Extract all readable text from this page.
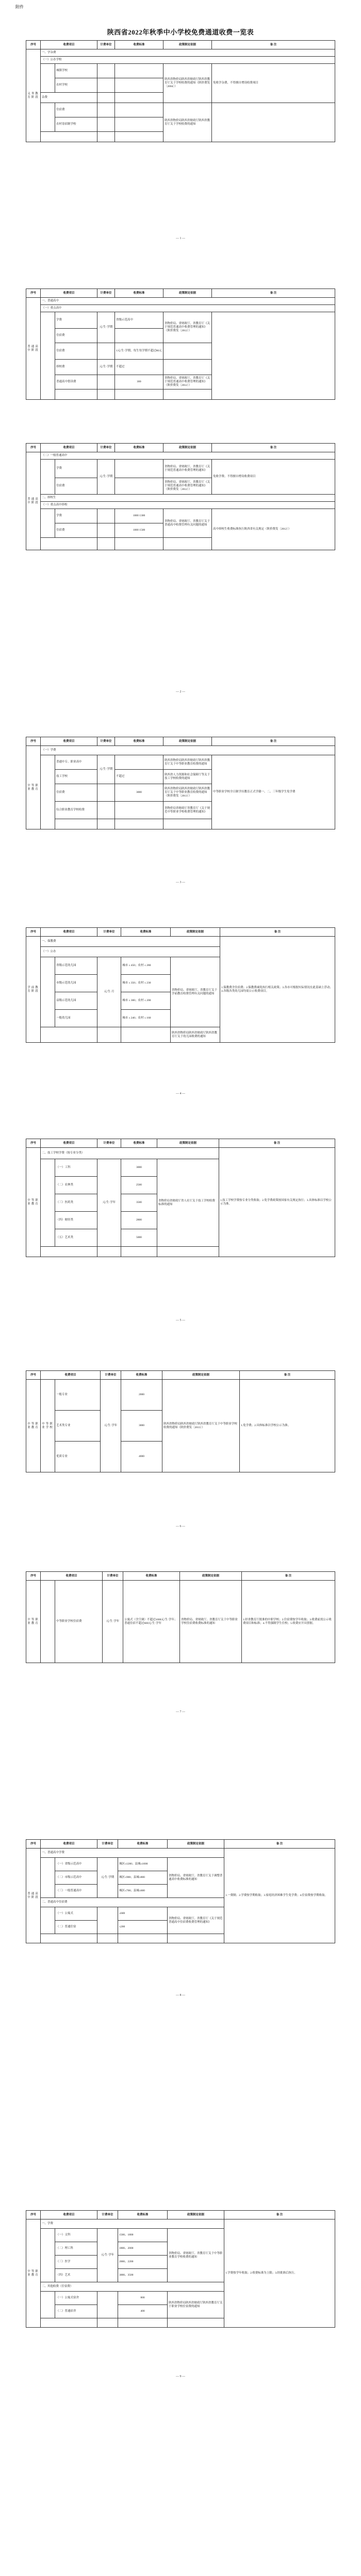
附件
陕西省2022年秋季中小学校免费通道收费一览表
序号	收费项目		计费单位	收费标准	政策制定依据	备 注
义务教育阶段	一、学杂费					
	（一）公办学校					
		城镇学校			陕西省物价局陕西省财政厅陕西省教育厅关于学校收费的通知（陕价费发〔2004〕）	免收学杂费，不得擅自增设收费项目
		农村学校				
	杂费					
		住宿费			陕西省物价局陕西省财政厅陕西省教育厅关于学校收费的通知	
		农村寄宿制学校				

— 1 —
序号	收费项目		计费单位	收费标准	政策制定依据	备 注
普通高中阶段	一、普通高中					
	（一）重点高中					
		学费	元/生·学期	省级示范高中	省物价局、省财政厅、省教育厅《关于规范普通高中收费管理的通知》（陕价费发〔2012〕）	
		住宿费				
		住宿费		1元/生·学期、每生每学期不超过80元		
		择校费	元/生·学期	不超过		
		普通高中借读费		300	省物价局、省财政厅、省教育厅《关于规范普通高中收费管理的通知》（陕价费发〔2012〕）	

序号	收费项目		计费单位	收费标准	政策制定依据	备 注
普通高中阶段	（二）一般普通高中					
		学费	元/生·学期		省物价局、省财政厅、省教育厅《关于规范普通高中收费管理的通知》	免收学费、不得擅自增设收费项目
		住宿费			省物价局、省财政厅、省教育厅《关于规范普通高中收费管理的通知》（陕价费发〔2012〕）	
	二、择校生					
	（一）重点高中择校					
		学费		1000 1300	省物价局、省财政厅、省教育厅关于普通高中收费管理有关问题的通知	高中择校生收费标准执行陕西省有关规定（陕价费发〔2012〕）
		住宿费		1000 1500		

— 2 —
序号	收费项目		计费单位	收费标准	政策制定依据	备 注
中等职业教育	（一）学费					
		普通中专、职业高中	元/生·学期		陕西省物价局陕西省财政厅陕西省教育厅关于中等职业教育收费的通知	中等职业学校全日制学历教育正式学籍一、二、三年级学生免学费
		技工学校		不超过	陕西省人力资源和社会保障厅等关于技工学校收费的通知	
		住宿费		3000	陕西省物价局陕西省财政厅陕西省教育厅关于中等职业教育收费的通知（陕价费发〔2013〕）	
		综合职业教育学校收费			省物价局省财政厅省教育厅《关于规范中等职业学校收费管理的通知》	

— 3 —
序号	收费项目		计费单位	收费标准	政策制定依据	备 注
学前教育阶段	一、保教费					1.保教费含住宿费；2.保教费减免执行相关政策；3.各市可根据实际情况在此基础上浮动；4.各级各类幼儿园均需公示收费项目。
	（一）公办					
		省级示范幼儿园	元/生·月	城市 ≤ 450；农村 ≤ 280	省物价局、省财政厅、省教育厅关于学前教育收费管理有关问题的通知	
		市级示范幼儿园		城市 ≤ 350；农村 ≤ 230		
		县级示范幼儿园		城市 ≤ 300；农村 ≤ 200		
		一般幼儿园		城市 ≤ 240；农村 ≤ 160		
					陕西省物价局陕西省财政厅陕西省教育厅关于幼儿园收费的通知	
— 4 —
序号	收费项目		计费单位	收费标准	政策制定依据	备 注
中等职业教育	二、技工学校学费（按专业分类）					1.技工学校学费按专业分类收取；2.免学费政策按国家有关规定执行；3.具体标准以学校公示为准。
		（一）工科	元/生·学年	3000	省物价局省财政厅省人社厅关于技工学校收费标准的通知	
		（二）农林类		2500		
		（三）医药类		3500		
		（四）财经类		2800		
		（五）艺术类		5000		

— 5 —
序号	收费项目		计费单位	收费标准	政策制定依据	备 注
中等职业教育	中等职业学校	一般专业	元/生·学年	2000	陕西省物价局陕西省财政厅陕西省教育厅关于中等职业学校收费的通知（陕价费发〔2013〕）	1.免学费；2.具体标准以学校公示为准。
		艺术类专业		3000		
		优质专业		4000		
— 6 —
序号	收费项目		计费单位	收费标准	政策制定依据	备 注
中等职业教育		中等职业学校住宿费	元/生·学年	公寓式（含空调）不超过1000元/生·学年；普通住宿不超过600元/生·学年	省物价局、省财政厅、省教育厅关于中等职业学校住宿费收费标准的通知	1.经省教育厅批准的中职学校；2.住宿费按学年收取；3.收费前需公示收费项目和标准；4.不得强制学生住校；5.收费应开具票据。
— 7 —
序号	收费项目		计费单位	收费标准	政策制定依据	备 注
普通高中阶段	一、普通高中学费					1.一费制；2.学费按学期收取；3.家庭经济困难学生免学费；4.住宿费按学期收取。
		（一）省级示范高中	元/生·学期	城区≤1200；县城≤1000	省物价局、省财政厅、省教育厅关于调整普通高中收费标准的通知	
		（二）市级示范高中		城区≤900；县城≤800		
		（三）一般普通高中		城区≤700；县城≤600		
	二、普通高中住宿费					
		（一）公寓式		≤600	省物价局、省财政厅、省教育厅《关于规范普通高中住宿费收费管理的通知》	
		（二）普通住宿		≤200		

— 8 —
序号	收费项目		计费单位	收费标准	政策制定依据	备 注
中等职业教育	一、学费					1.学费按学年收取；2.收费标准为上限；3.经批准后执行。
		（一）文科	元/生·学年	1500、1800	省物价局、省财政厅、省教育厅关于中等职业教育学校收费的通知	
		（二）理工科		1800、2000		
		（三）医学		2000、2200		
		（四）艺术		3000、3500		
	二、其他收费（住宿费）					
		（一）公寓式宿舍		800	陕西省物价局陕西省财政厅陕西省教育厅关于职业学校住宿费的通知	
		（二）普通宿舍		400		

— 9 —
